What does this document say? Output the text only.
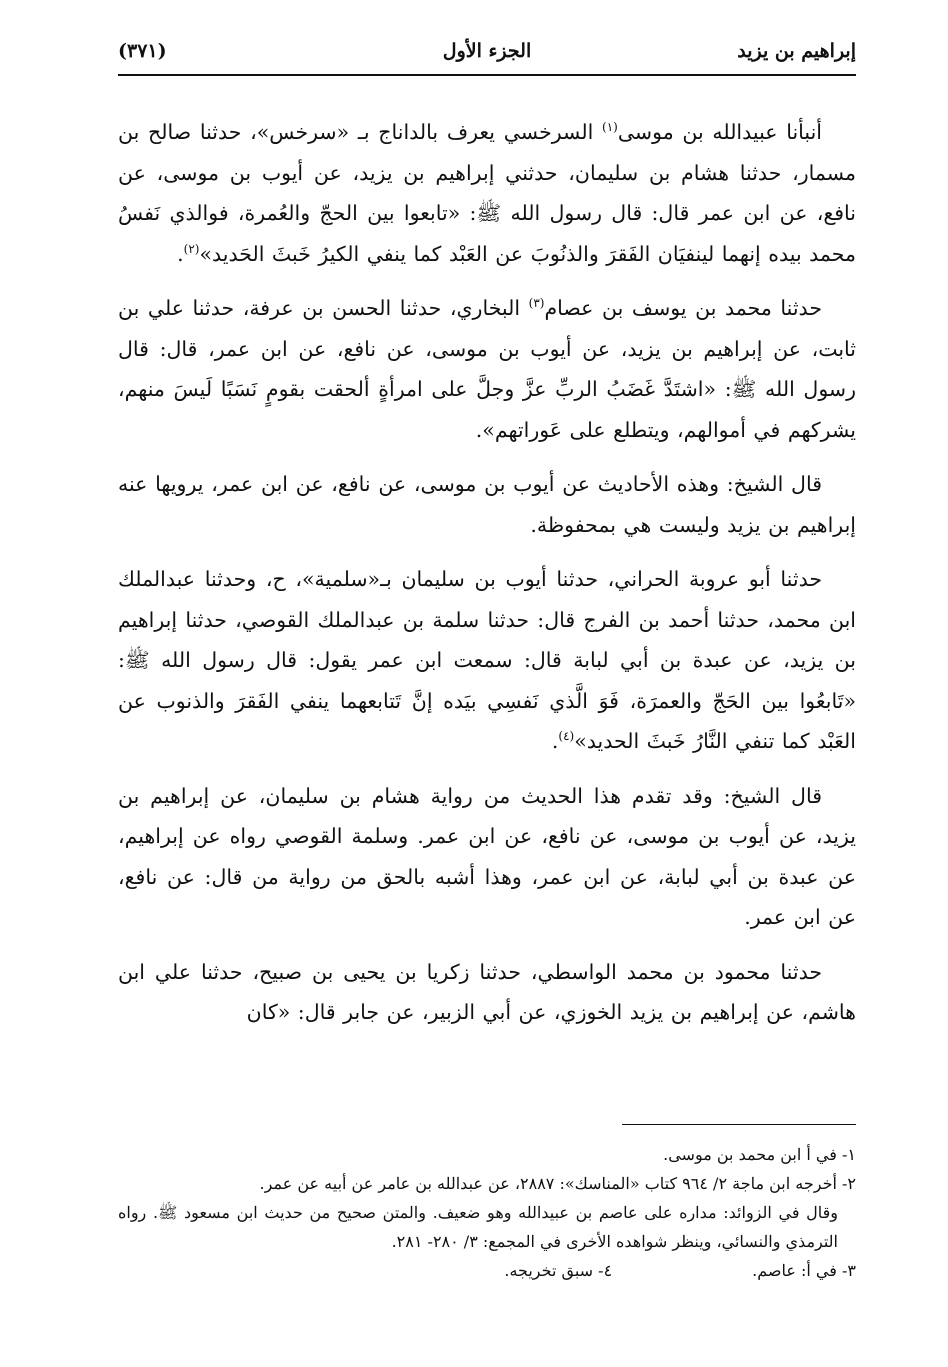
إبراهيم بن يزيد
الجزء الأول
(٣٧١)

أنبأنا عبيدالله بن موسى$^{(١)}$ السرخسي يعرف بالداناج بـ «سرخس»، حدثنا صالح بن مسمار، حدثنا هشام بن سليمان، حدثني إبراهيم بن يزيد، عن أيوب بن موسى، عن نافع، عن ابن عمر قال: قال رسول الله ﷺ: «تابعوا بين الحجّ والعُمرة، فوالذي نَفسُ محمد بيده إنهما لينفيَان الفَقرَ والذنُوبَ عن العَبْد كما ينفي الكيرُ خَبثَ الحَديد»$^{(٢)}$.

حدثنا محمد بن يوسف بن عصام$^{(٣)}$ البخاري، حدثنا الحسن بن عرفة، حدثنا علي بن ثابت، عن إبراهيم بن يزيد، عن أيوب بن موسى، عن نافع، عن ابن عمر، قال: قال رسول الله ﷺ: «اشتَدَّ غَضَبُ الربِّ عزَّ وجلَّ على امرأةٍ ألحقت بقومٍ نَسَبًا لَيسَ منهم، يشركهم في أموالهم، ويتطلع على عَوراتهم».

قال الشيخ: وهذه الأحاديث عن أيوب بن موسى، عن نافع، عن ابن عمر، يرويها عنه إبراهيم بن يزيد وليست هي بمحفوظة.

حدثنا أبو عروبة الحراني، حدثنا أيوب بن سليمان بـ«سلمية»، ح، وحدثنا عبدالملك ابن محمد، حدثنا أحمد بن الفرج قال: حدثنا سلمة بن عبدالملك القوصي، حدثنا إبراهيم بن يزيد، عن عبدة بن أبي لبابة قال: سمعت ابن عمر يقول: قال رسول الله ﷺ: «تَابعُوا بين الحَجّ والعمرَة، فَوَ الَّذي نَفسِي بيَده إنَّ تَتابعهما ينفي الفَقرَ والذنوب عن العَبْد كما تنفي النَّارُ خَبثَ الحديد»$^{(٤)}$.

قال الشيخ: وقد تقدم هذا الحديث من رواية هشام بن سليمان، عن إبراهيم بن يزيد، عن أيوب بن موسى، عن نافع، عن ابن عمر. وسلمة القوصي رواه عن إبراهيم، عن عبدة بن أبي لبابة، عن ابن عمر، وهذا أشبه بالحق من رواية من قال: عن نافع، عن ابن عمر.

حدثنا محمود بن محمد الواسطي، حدثنا زكريا بن يحيى بن صبيح، حدثنا علي ابن هاشم، عن إبراهيم بن يزيد الخوزي، عن أبي الزبير، عن جابر قال: «كان

١- في أ ابن محمد بن موسى.

٢- أخرجه ابن ماجة ٢/ ٩٦٤ كتاب «المناسك»: ٢٨٨٧، عن عبدالله بن عامر عن أبيه عن عمر.

وقال في الزوائد: مداره على عاصم بن عبيدالله وهو ضعيف. والمتن صحيح من حديث ابن مسعود ﷺ. رواه الترمذي والنسائي، وينظر شواهده الأخرى في المجمع: ٣/ ٢٨٠- ٢٨١.

٣- في أ: عاصم.
٤- سبق تخريجه.
